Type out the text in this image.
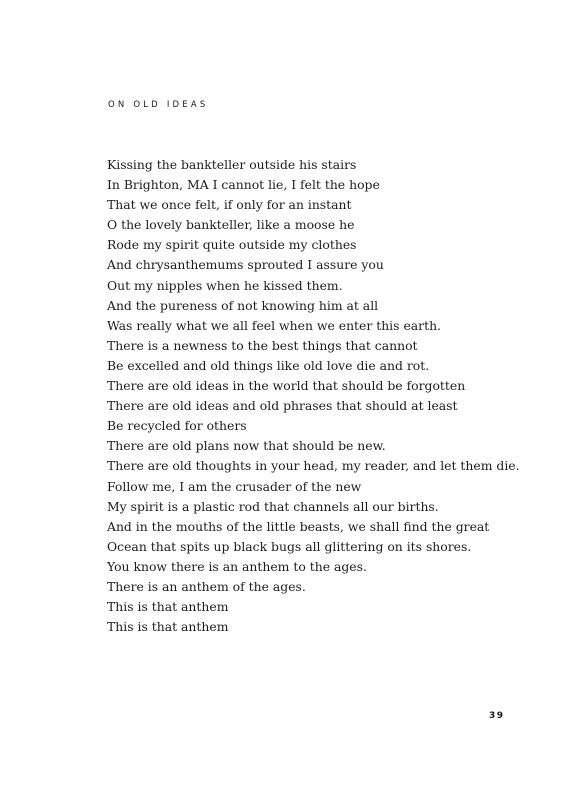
ON OLD IDEAS
Kissing the bankteller outside his stairs
In Brighton, MA I cannot lie, I felt the hope
That we once felt, if only for an instant
O the lovely bankteller, like a moose he
Rode my spirit quite outside my clothes
And chrysanthemums sprouted I assure you
Out my nipples when he kissed them.
And the pureness of not knowing him at all
Was really what we all feel when we enter this earth.
There is a newness to the best things that cannot
Be excelled and old things like old love die and rot.
There are old ideas in the world that should be forgotten
There are old ideas and old phrases that should at least
Be recycled for others
There are old plans now that should be new.
There are old thoughts in your head, my reader, and let them die.
Follow me, I am the crusader of the new
My spirit is a plastic rod that channels all our births.
And in the mouths of the little beasts, we shall find the great
Ocean that spits up black bugs all glittering on its shores.
You know there is an anthem to the ages.
There is an anthem of the ages.
This is that anthem
This is that anthem
39
